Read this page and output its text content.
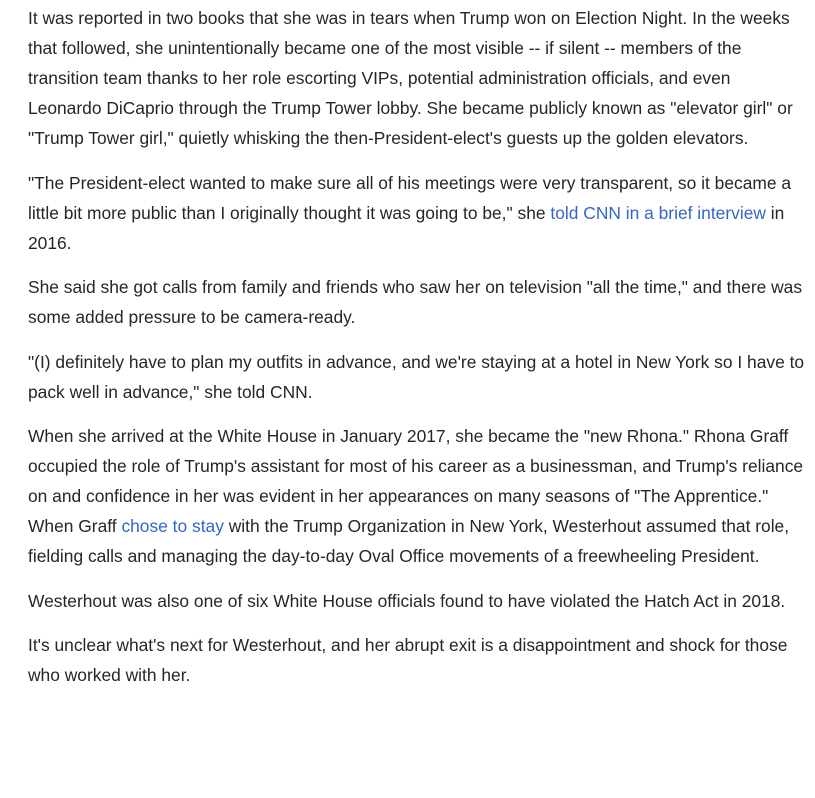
It was reported in two books that she was in tears when Trump won on Election Night. In the weeks that followed, she unintentionally became one of the most visible -- if silent -- members of the transition team thanks to her role escorting VIPs, potential administration officials, and even Leonardo DiCaprio through the Trump Tower lobby. She became publicly known as "elevator girl" or "Trump Tower girl," quietly whisking the then-President-elect's guests up the golden elevators.

"The President-elect wanted to make sure all of his meetings were very transparent, so it became a little bit more public than I originally thought it was going to be," she told CNN in a brief interview in 2016.

She said she got calls from family and friends who saw her on television "all the time," and there was some added pressure to be camera-ready.

"(I) definitely have to plan my outfits in advance, and we're staying at a hotel in New York so I have to pack well in advance," she told CNN.

When she arrived at the White House in January 2017, she became the "new Rhona." Rhona Graff occupied the role of Trump's assistant for most of his career as a businessman, and Trump's reliance on and confidence in her was evident in her appearances on many seasons of "The Apprentice." When Graff chose to stay with the Trump Organization in New York, Westerhout assumed that role, fielding calls and managing the day-to-day Oval Office movements of a freewheeling President.

Westerhout was also one of six White House officials found to have violated the Hatch Act in 2018.

It's unclear what's next for Westerhout, and her abrupt exit is a disappointment and shock for those who worked with her.
